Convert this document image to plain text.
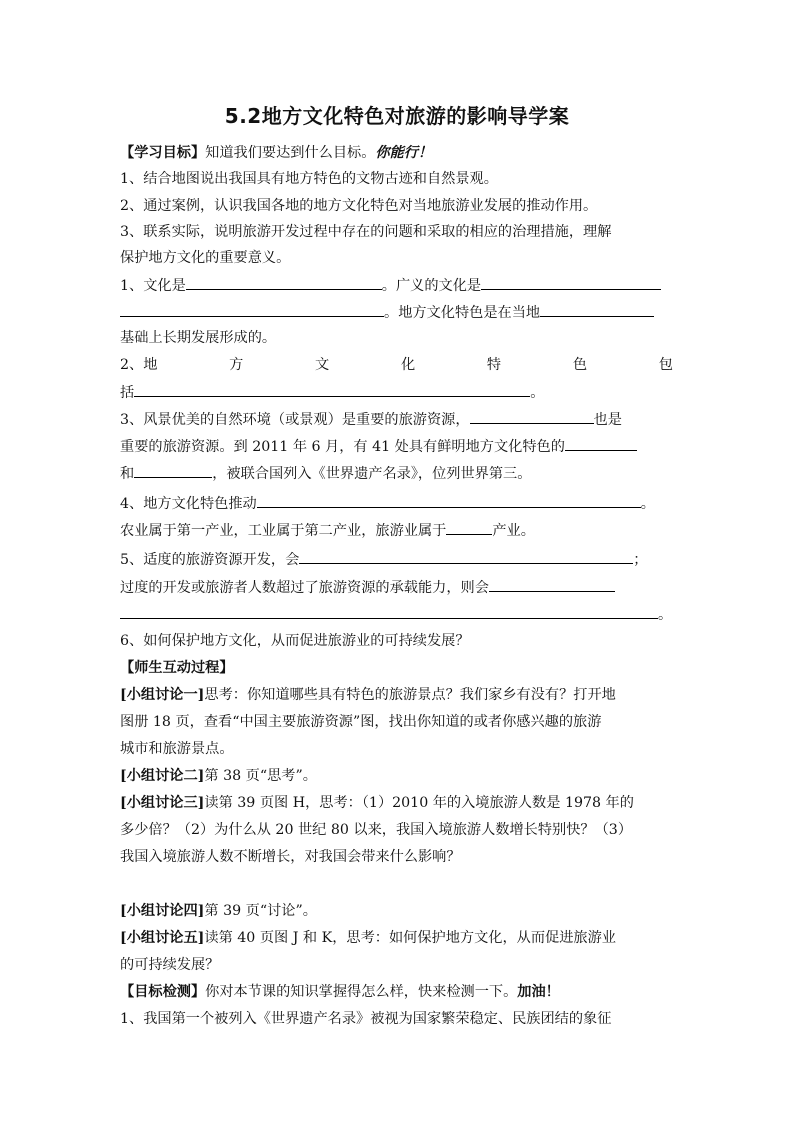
5.2地方文化特色对旅游的影响导学案
【学习目标】知道我们要达到什么目标。你能行！
1、结合地图说出我国具有地方特色的文物古迹和自然景观。
2、通过案例，认识我国各地的地方文化特色对当地旅游业发展的推动作用。
3、联系实际，说明旅游开发过程中存在的问题和采取的相应的治理措施，理解
保护地方文化的重要意义。
1、文化是	。广义的文化是
。地方文化特色是在当地
基础上长期发展形成的。
2、地	方	文	化	特	色	包
括	。
3、风景优美的自然环境（或景观）是重要的旅游资源，	也是
重要的旅游资源。到 2011 年 6 月，有 41 处具有鲜明地方文化特色的
和	，被联合国列入《世界遗产名录》，位列世界第三。
4、地方文化特色推动	。
农业属于第一产业，工业属于第二产业，旅游业属于	产业。
5、适度的旅游资源开发，会	；
过度的开发或旅游者人数超过了旅游资源的承载能力，则会
。
6、如何保护地方文化，从而促进旅游业的可持续发展？
【师生互动过程】
[小组讨论一]思考：你知道哪些具有特色的旅游景点？我们家乡有没有？打开地
图册 18 页，查看“中国主要旅游资源”图，找出你知道的或者你感兴趣的旅游
城市和旅游景点。
[小组讨论二]第 38 页“思考”。
[小组讨论三]读第 39 页图 H，思考：（1）2010 年的入境旅游人数是 1978 年的
多少倍？（2）为什么从 20 世纪 80 以来，我国入境旅游人数增长特别快？（3）
我国入境旅游人数不断增长，对我国会带来什么影响？
[小组讨论四]第 39 页“讨论”。
[小组讨论五]读第 40 页图 J 和 K，思考：如何保护地方文化，从而促进旅游业
的可持续发展？
【目标检测】你对本节课的知识掌握得怎么样，快来检测一下。加油！
1、我国第一个被列入《世界遗产名录》被视为国家繁荣稳定、民族团结的象征
